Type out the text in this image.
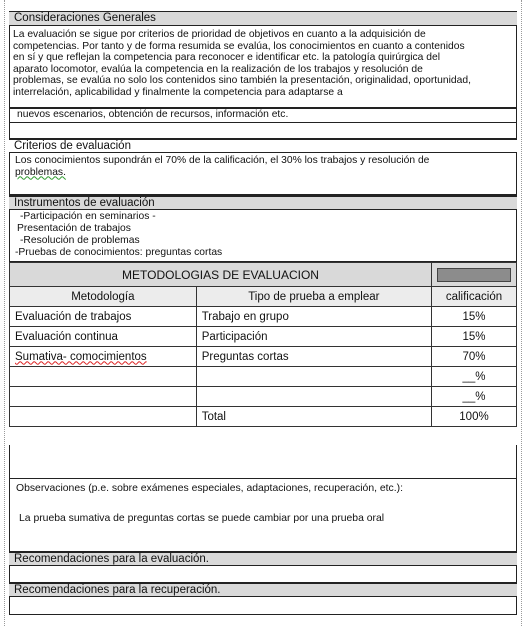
Consideraciones Generales
La evaluación se sigue por criterios de prioridad de objetivos en cuanto a la adquisición de
competencias. Por tanto y de forma resumida se evalúa, los conocimientos en cuanto a contenidos
en sí y que reflejan la competencia para reconocer e identificar etc. la patología quirúrgica del
aparato locomotor, evalúa la competencia en la realización de los trabajos y resolución de
problemas, se evalúa no solo los contenidos sino también la presentación, originalidad, oportunidad,
interrelación, aplicabilidad y finalmente la competencia para adaptarse a
nuevos escenarios, obtención de recursos, información etc.
Criterios de evaluación
Los conocimientos supondrán el 70% de la calificación, el 30% los trabajos y resolución de
problemas.
Instrumentos de evaluación
-Participación en seminarios -
Presentación de trabajos
-Resolución de problemas
-Pruebas de conocimientos: preguntas cortas
METODOLOGIAS DE EVALUACION		
Metodología	Tipo de prueba a emplear	calificación
Evaluación de trabajos	Trabajo en grupo	15%
Evaluación continua	Participación	15%
Sumativa- comocimientos	Preguntas cortas	70%
		__%
		__%
	Total	100%
Observaciones (p.e. sobre exámenes especiales, adaptaciones, recuperación, etc.):
La prueba sumativa de preguntas cortas se puede cambiar por una prueba oral
Recomendaciones para la evaluación.
Recomendaciones para la recuperación.
